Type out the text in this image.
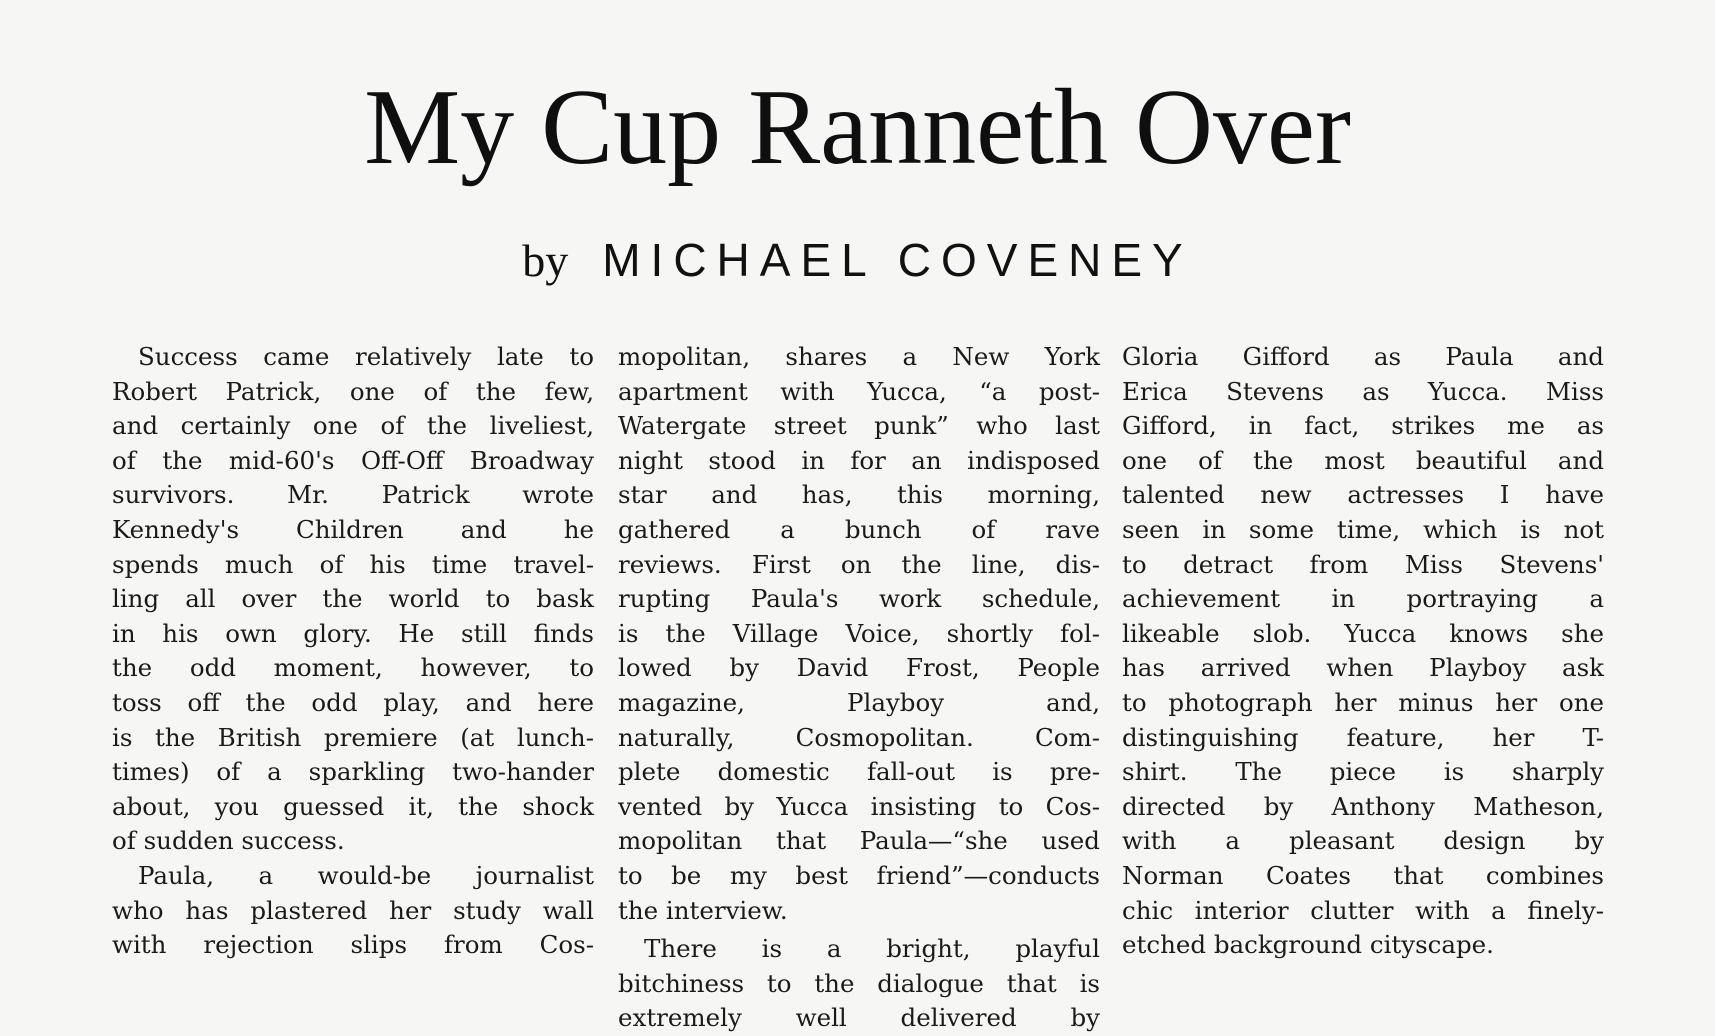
My Cup Ranneth Over
by MICHAEL COVENEY
Success came relatively late to
Robert Patrick, one of the few,
and certainly one of the liveliest,
of the mid-60's Off-Off Broadway
survivors. Mr. Patrick wrote
Kennedy's Children and he
spends much of his time travel-
ling all over the world to bask
in his own glory. He still finds
the odd moment, however, to
toss off the odd play, and here
is the British premiere (at lunch-
times) of a sparkling two-hander
about, you guessed it, the shock
of sudden success.
Paula, a would-be journalist
who has plastered her study wall
with rejection slips from Cos-
mopolitan, shares a New York
apartment with Yucca, “a post-
Watergate street punk” who last
night stood in for an indisposed
star and has, this morning,
gathered a bunch of rave
reviews. First on the line, dis-
rupting Paula's work schedule,
is the Village Voice, shortly fol-
lowed by David Frost, People
magazine, Playboy and,
naturally, Cosmopolitan. Com-
plete domestic fall-out is pre-
vented by Yucca insisting to Cos-
mopolitan that Paula—“she used
to be my best friend”—conducts
the interview.
There is a bright, playful
bitchiness to the dialogue that is
extremely well delivered by
Gloria Gifford as Paula and
Erica Stevens as Yucca. Miss
Gifford, in fact, strikes me as
one of the most beautiful and
talented new actresses I have
seen in some time, which is not
to detract from Miss Stevens'
achievement in portraying a
likeable slob. Yucca knows she
has arrived when Playboy ask
to photograph her minus her one
distinguishing feature, her T-
shirt. The piece is sharply
directed by Anthony Matheson,
with a pleasant design by
Norman Coates that combines
chic interior clutter with a finely-
etched background cityscape.
